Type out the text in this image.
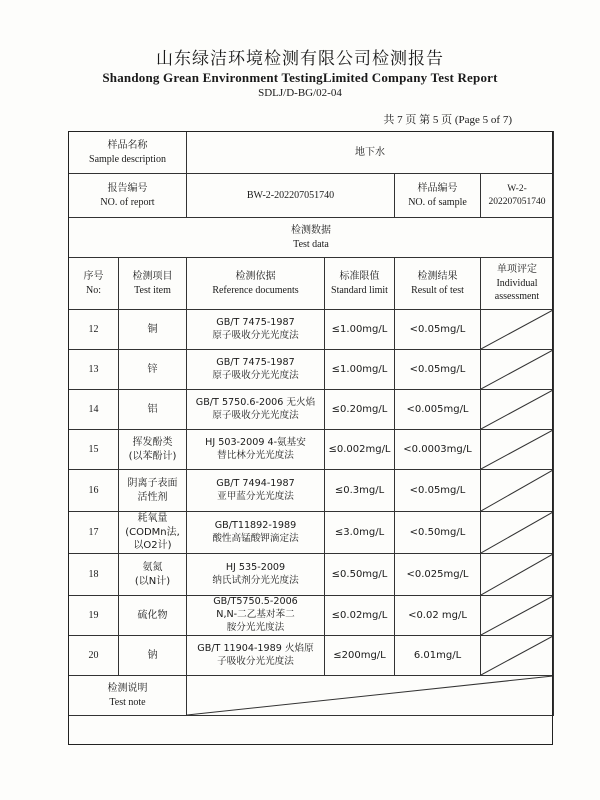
山东绿洁环境检测有限公司检测报告
Shandong Grean Environment TestingLimited Company Test Report
SDLJ/D-BG/02-04
共 7 页 第 5 页 (Page 5 of 7)
样品名称
Sample description		地下水			

报告编号
NO. of report		BW-2-202207051740		样品编号
NO. of sample	W-2-202207051740

检测数据
Test data					

序号
No:	检测项目
Test item	检测依据
Reference documents	标准限值
Standard limit	检测结果
Result of test	单项评定
Individual
assessment

12	铜	GB/T 7475-1987
原子吸收分光光度法	≤1.00mg/L	<0.05mg/L	

13	锌	GB/T 7475-1987
原子吸收分光光度法	≤1.00mg/L	<0.05mg/L	

14	铝	GB/T 5750.6-2006 无火焰
原子吸收分光光度法	≤0.20mg/L	<0.005mg/L	

15	挥发酚类
(以苯酚计)	HJ 503-2009 4-氨基安
替比林分光光度法	≤0.002mg/L	<0.0003mg/L	

16	阴离子表面
活性剂	GB/T 7494-1987
亚甲蓝分光光度法	≤0.3mg/L	<0.05mg/L	

17	耗氧量
(CODMn法,
以O2计)	GB/T11892-1989
酸性高锰酸钾滴定法	≤3.0mg/L	<0.50mg/L	

18	氨氮
(以N计)	HJ 535-2009
纳氏试剂分光光度法	≤0.50mg/L	<0.025mg/L	

19	硫化物	GB/T5750.5-2006
N,N-二乙基对苯二
胺分光光度法	≤0.02mg/L	<0.02 mg/L	

20	钠	GB/T 11904-1989 火焰原
子吸收分光光度法	≤200mg/L	6.01mg/L	

检测说明
Test note
